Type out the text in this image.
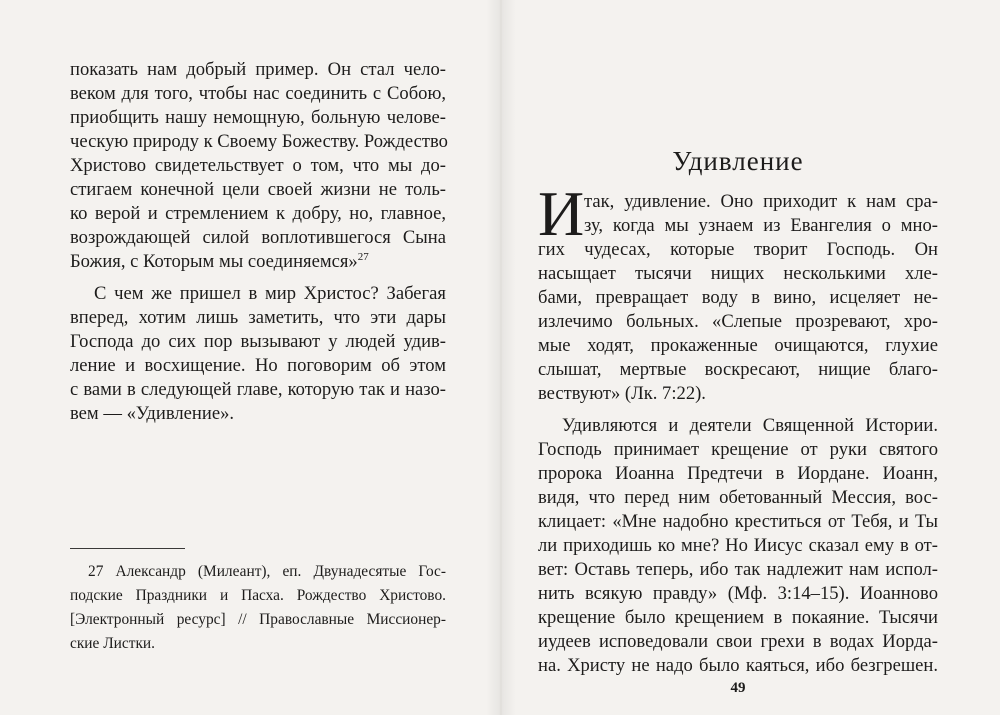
показать нам добрый пример. Он стал чело-
веком для того, чтобы нас соединить с Собою,
приобщить нашу немощную, больную челове-
ческую природу к Своему Божеству. Рождество
Христово свидетельствует о том, что мы до-
стигаем конечной цели своей жизни не толь-
ко верой и стремлением к добру, но, главное,
возрождающей силой воплотившегося Сына
Божия, с Которым мы соединяемся»$^{27}$
С чем же пришел в мир Христос? Забегая
вперед, хотим лишь заметить, что эти дары
Господа до сих пор вызывают у людей удив-
ление и восхищение. Но поговорим об этом
с вами в следующей главе, которую так и назо-
вем — «Удивление».
27 Александр (Милеант), еп. Двунадесятые Гос-
подские Праздники и Пасха. Рождество Христово.
[Электронный ресурс] // Православные Миссионер-
ские Листки.
Удивление
И так, удивление. Оно приходит к нам сра-
зу, когда мы узнаем из Евангелия о мно-
гих чудесах, которые творит Господь. Он
насыщает тысячи нищих несколькими хле-
бами, превращает воду в вино, исцеляет не-
излечимо больных. «Слепые прозревают, хро-
мые ходят, прокаженные очищаются, глухие
слышат, мертвые воскресают, нищие благо-
вествуют» (Лк. 7:22).
Удивляются и деятели Священной Истории.
Господь принимает крещение от руки святого
пророка Иоанна Предтечи в Иордане. Иоанн,
видя, что перед ним обетованный Мессия, вос-
клицает: «Мне надобно креститься от Тебя, и Ты
ли приходишь ко мне? Но Иисус сказал ему в от-
вет: Оставь теперь, ибо так надлежит нам испол-
нить всякую правду» (Мф. 3:14–15). Иоанново
крещение было крещением в покаяние. Тысячи
иудеев исповедовали свои грехи в водах Иорда-
на. Христу не надо было каяться, ибо безгрешен.
49
